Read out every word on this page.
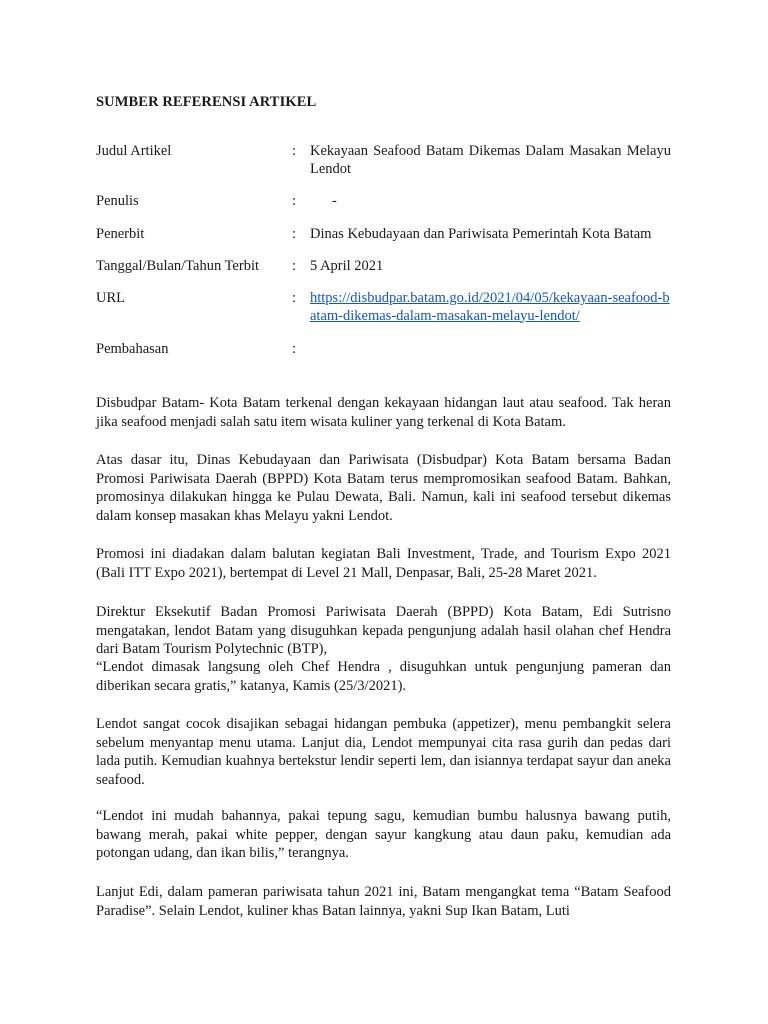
SUMBER REFERENSI ARTIKEL
Judul Artikel	: Kekayaan Seafood Batam Dikemas Dalam Masakan Melayu Lendot
Penulis	: -
Penerbit	: Dinas Kebudayaan dan Pariwisata Pemerintah Kota Batam
Tanggal/Bulan/Tahun Terbit : 5 April 2021
URL	: https://disbudpar.batam.go.id/2021/04/05/kekayaan-seafood-batam-dikemas-dalam-masakan-melayu-lendot/
Pembahasan	:

Disbudpar Batam- Kota Batam terkenal dengan kekayaan hidangan laut atau seafood. Tak heran jika seafood menjadi salah satu item wisata kuliner yang terkenal di Kota Batam.

Atas dasar itu, Dinas Kebudayaan dan Pariwisata (Disbudpar) Kota Batam bersama Badan Promosi Pariwisata Daerah (BPPD) Kota Batam terus mempromosikan seafood Batam. Bahkan, promosinya dilakukan hingga ke Pulau Dewata, Bali. Namun, kali ini seafood tersebut dikemas dalam konsep masakan khas Melayu yakni Lendot.

Promosi ini diadakan dalam balutan kegiatan Bali Investment, Trade, and Tourism Expo 2021 (Bali ITT Expo 2021), bertempat di Level 21 Mall, Denpasar, Bali, 25-28 Maret 2021.

Direktur Eksekutif Badan Promosi Pariwisata Daerah (BPPD) Kota Batam, Edi Sutrisno mengatakan, lendot Batam yang disuguhkan kepada pengunjung adalah hasil olahan chef Hendra dari Batam Tourism Polytechnic (BTP),

“Lendot dimasak langsung oleh Chef Hendra , disuguhkan untuk pengunjung pameran dan diberikan secara gratis,” katanya, Kamis (25/3/2021).

Lendot sangat cocok disajikan sebagai hidangan pembuka (appetizer), menu pembangkit selera sebelum menyantap menu utama. Lanjut dia, Lendot mempunyai cita rasa gurih dan pedas dari lada putih. Kemudian kuahnya bertekstur lendir seperti lem, dan isiannya terdapat sayur dan aneka seafood.

“Lendot ini mudah bahannya, pakai tepung sagu, kemudian bumbu halusnya bawang putih, bawang merah, pakai white pepper, dengan sayur kangkung atau daun paku, kemudian ada potongan udang, dan ikan bilis,” terangnya.

Lanjut Edi, dalam pameran pariwisata tahun 2021 ini, Batam mengangkat tema “Batam Seafood Paradise”. Selain Lendot, kuliner khas Batan lainnya, yakni Sup Ikan Batam, Luti
